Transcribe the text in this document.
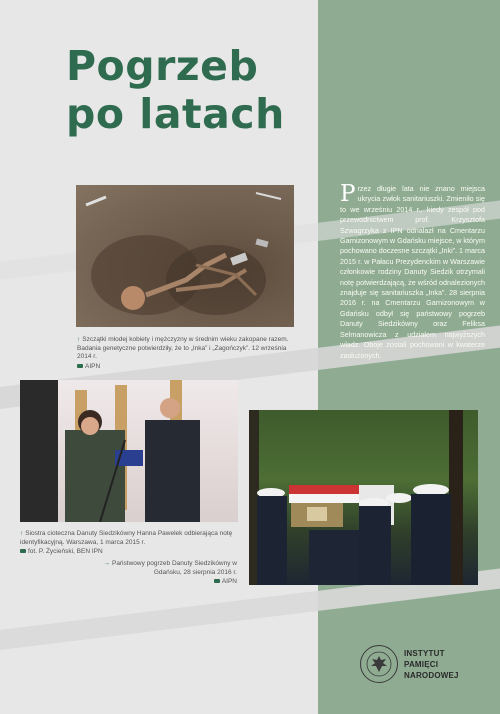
Pogrzeb
po latach
↑ Szczątki młodej kobiety i mężczyzny w średnim wieku zakopane razem. Badania genetyczne potwierdziły, że to „Inka” i „Zagończyk”. 12 września 2014 r.
AIPN
↑ Siostra cioteczna Danuty Siedzikówny Hanna Pawelek odbierająca notę identyfikacyjną. Warszawa, 1 marca 2015 r.
fot. P. Życieński, BEN IPN
→ Państwowy pogrzeb Danuty Siedzikówny w Gdańsku, 28 sierpnia 2016 r.
AIPN

Przez długie lata nie znano miejsca ukrycia zwłok sanitariuszki. Zmieniło się to we wrześniu 2014 r., kiedy zespół pod przewodnictwem prof. Krzysztofa Szwagrzyka z IPN odnalazł na Cmentarzu Garnizonowym w Gdańsku miejsce, w którym pochowano doczesne szczątki „Inki”. 1 marca 2015 r. w Pałacu Prezydenckim w Warszawie członkowie rodziny Danuty Siedzik otrzymali notę potwierdzającą, że wśród odnalezionych znajduje się sanitariuszka „Inka”. 28 sierpnia 2016 r. na Cmentarzu Garnizonowym w Gdańsku odbył się państwowy pogrzeb Danuty Siedzikówny oraz Feliksa Selmanowicza z udziałem najwyższych władz. Oboje zostali pochowani w kwaterze zasłużonych.

INSTYTUT
PAMIĘCI
NARODOWEJ
